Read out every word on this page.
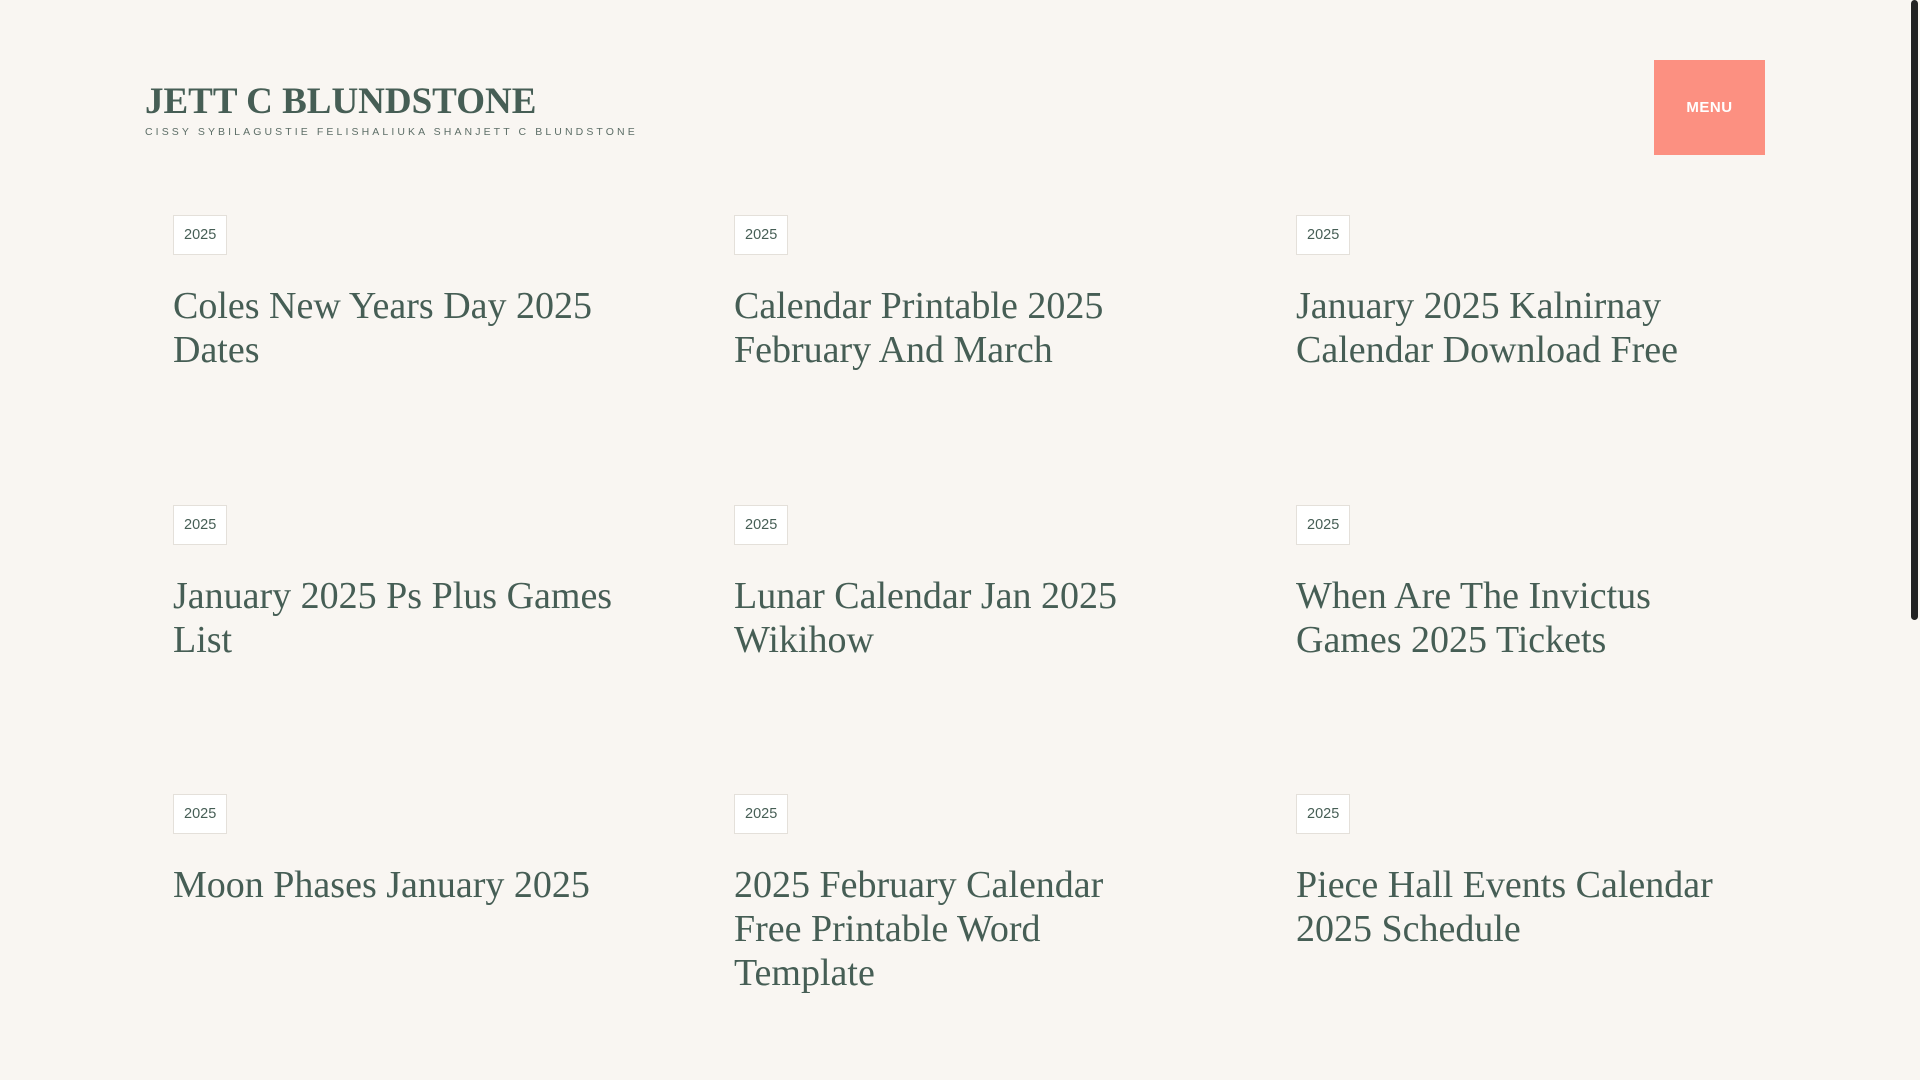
JETT C BLUNDSTONE
CISSY SYBILAGUSTIE FELISHALIUKA SHANJETT C BLUNDSTONE
MENU
2025
Coles New Years Day 2025 Dates
2025
Calendar Printable 2025 February And March
2025
January 2025 Kalnirnay Calendar Download Free
2025
January 2025 Ps Plus Games List
2025
Lunar Calendar Jan 2025 Wikihow
2025
When Are The Invictus Games 2025 Tickets
2025
Moon Phases January 2025
2025
2025 February Calendar Free Printable Word Template
2025
Piece Hall Events Calendar 2025 Schedule
